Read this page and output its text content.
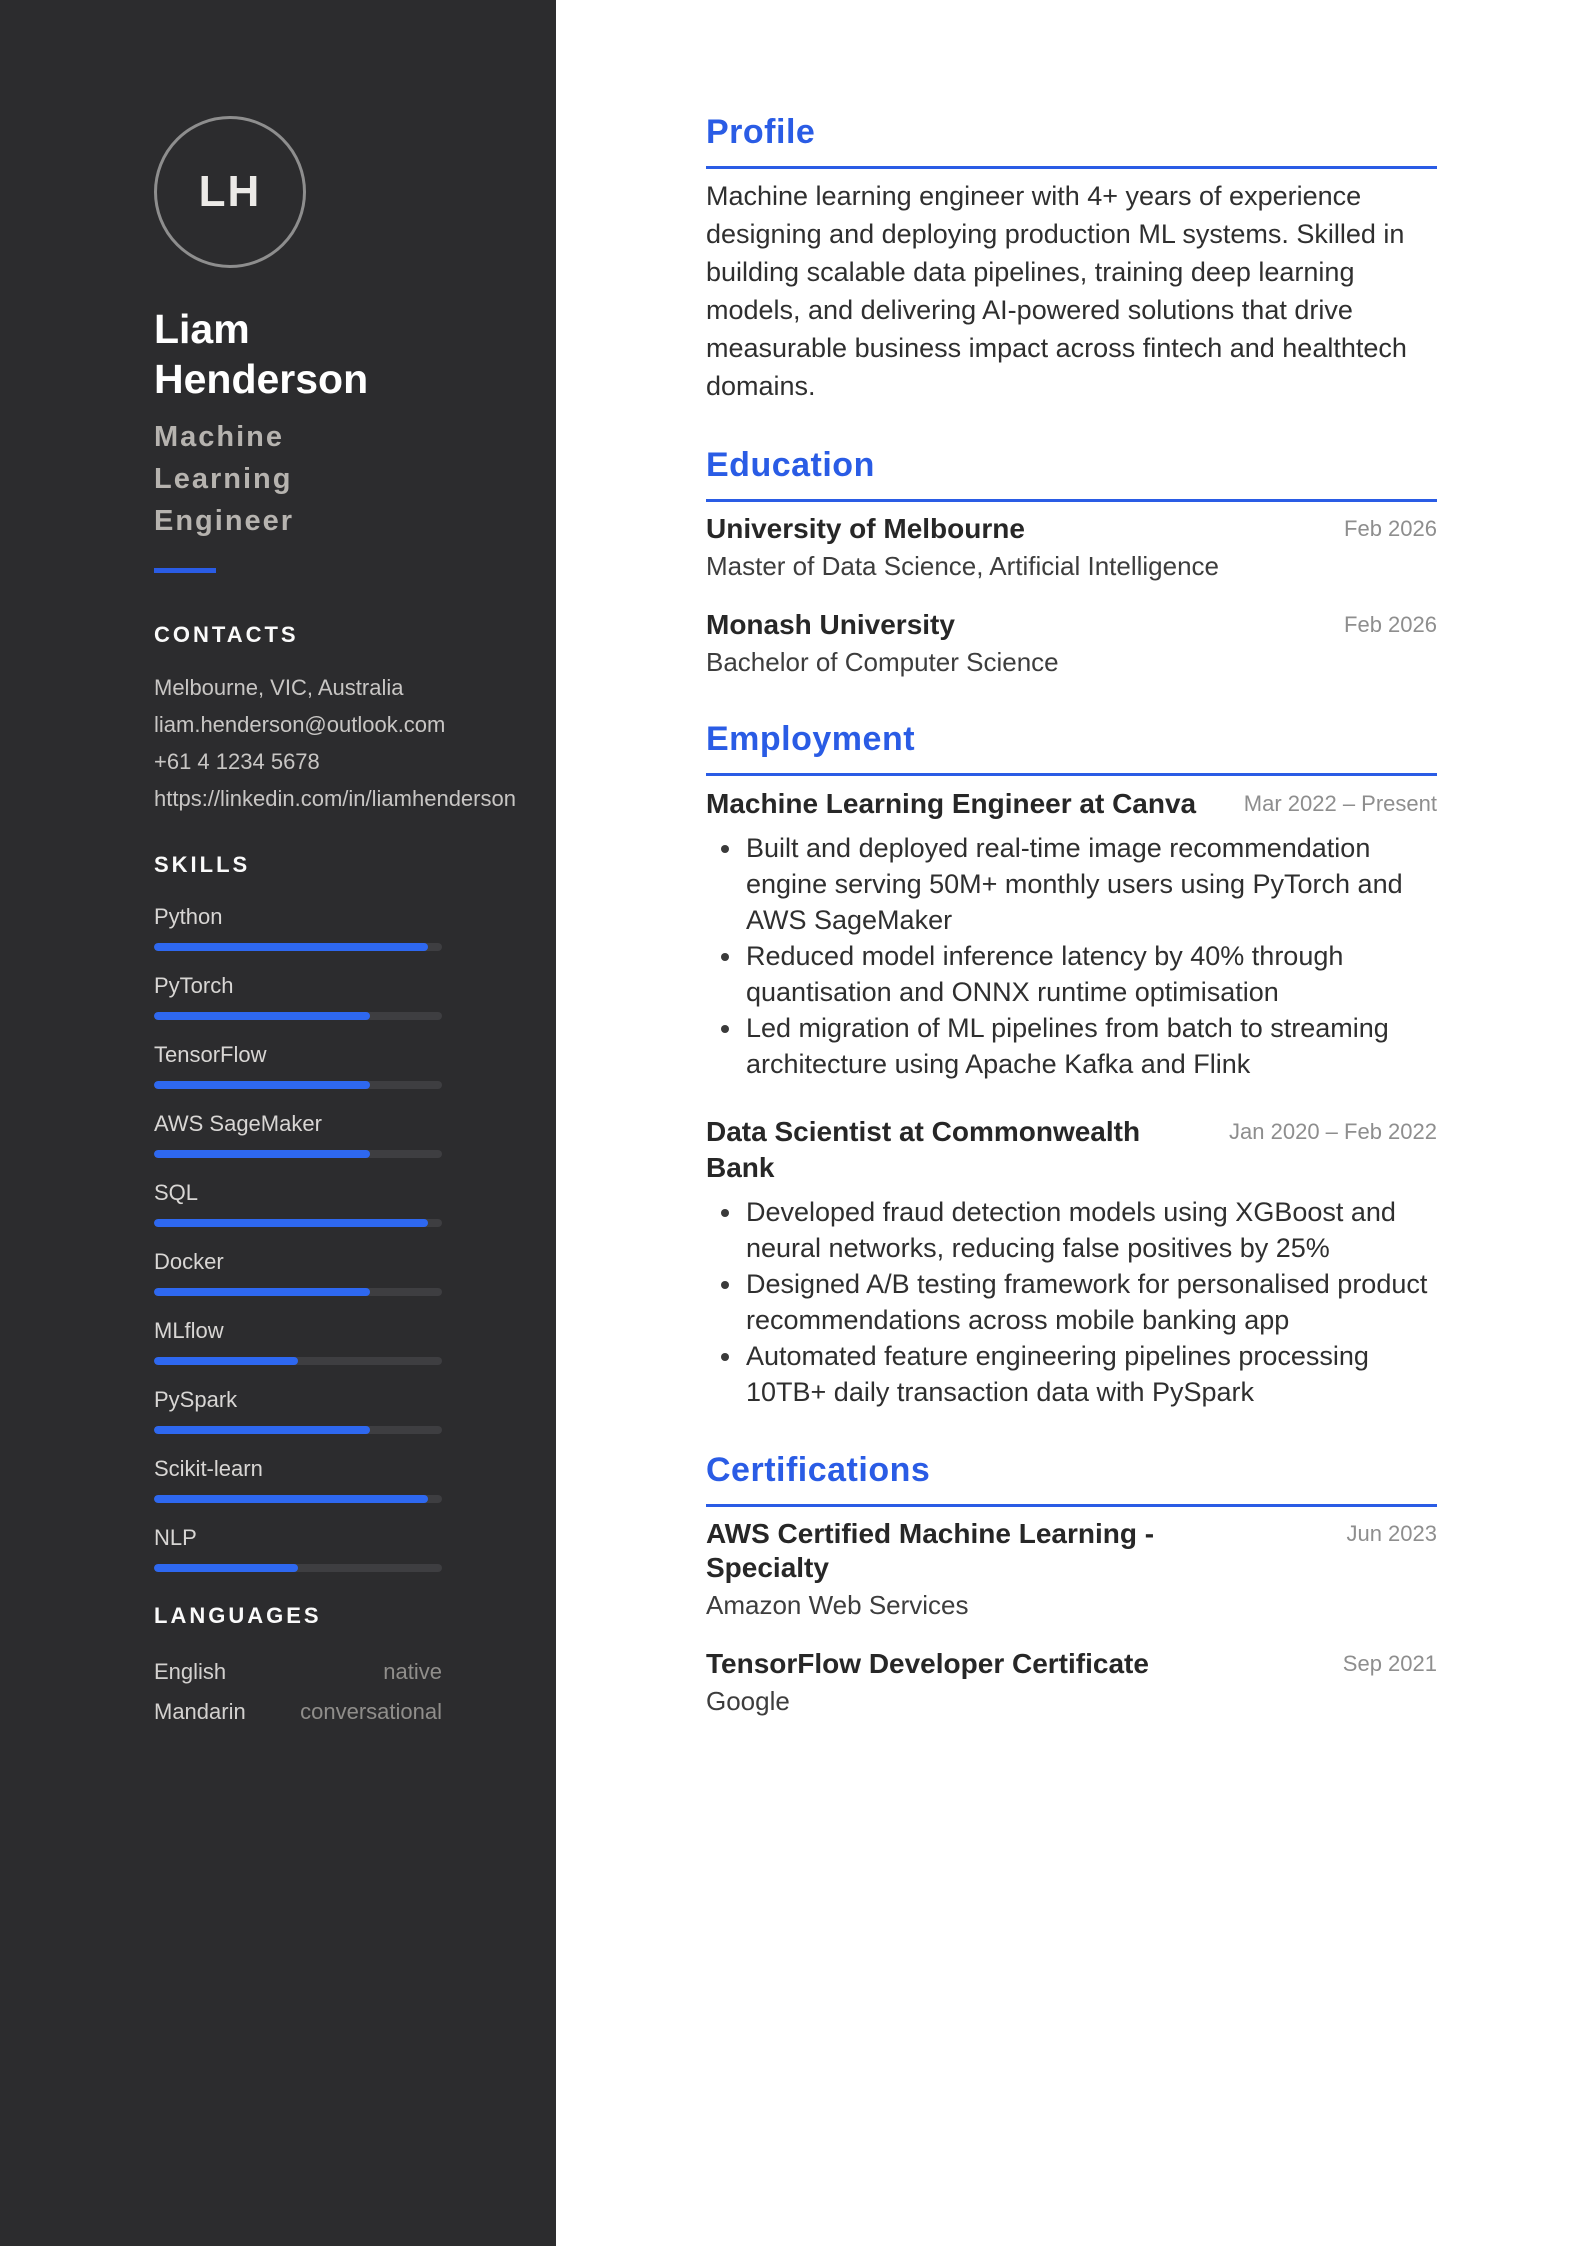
LH
Liam Henderson
Machine Learning Engineer
CONTACTS
Melbourne, VIC, Australia
liam.henderson@outlook.com
+61 4 1234 5678
https://linkedin.com/in/liamhenderson
SKILLS
Python
PyTorch
TensorFlow
AWS SageMaker
SQL
Docker
MLflow
PySpark
Scikit-learn
NLP
LANGUAGES
English	native
Mandarin conversational
Profile

Machine learning engineer with 4+ years of experience designing and deploying production ML systems. Skilled in building scalable data pipelines, training deep learning models, and delivering AI-powered solutions that drive measurable business impact across fintech and healthtech domains.

Education
University of Melbourne	Feb 2026
Master of Data Science, Artificial Intelligence
Monash University	Feb 2026
Bachelor of Computer Science
Employment
Machine Learning Engineer at Canva Mar 2022 – Present
• Built and deployed real-time image recommendation engine serving 50M+ monthly users using PyTorch and AWS SageMaker
• Reduced model inference latency by 40% through quantisation and ONNX runtime optimisation
• Led migration of ML pipelines from batch to streaming architecture using Apache Kafka and Flink
Data Scientist at Commonwealth Bank
Jan 2020 – Feb 2022
• Developed fraud detection models using XGBoost and neural networks, reducing false positives by 25%
• Designed A/B testing framework for personalised product recommendations across mobile banking app
• Automated feature engineering pipelines processing 10TB+ daily transaction data with PySpark
Certifications
AWS Certified Machine Learning - Specialty
Jun 2023
Amazon Web Services
TensorFlow Developer Certificate	Sep 2021
Google
